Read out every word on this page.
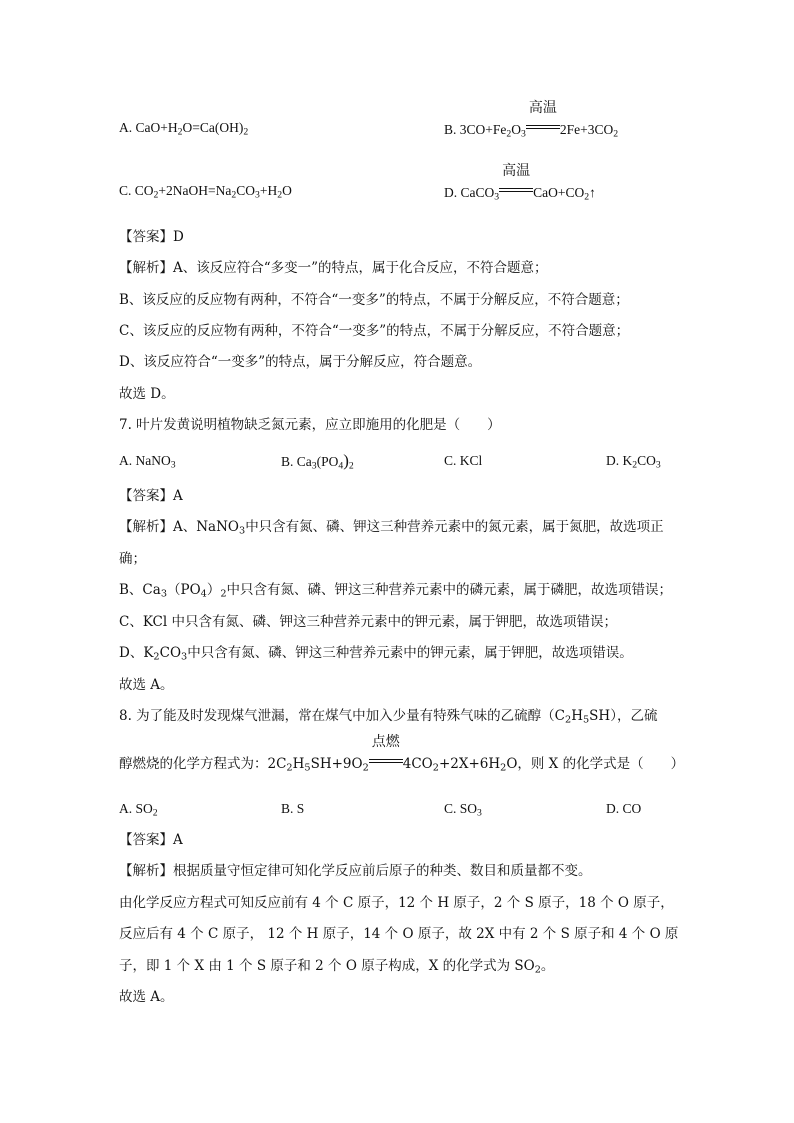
A. $CaO+H_2O=Ca(OH)_2$	B. $3CO+Fe_2O_3$
高温
$2Fe+3CO_2$
C. $CO_2+2NaOH=Na_2CO_3+H_2O$	D. CaCO$_3$
高温
$CaO+CO_2↑$
【答案】D
【解析】A、该反应符合“多变一”的特点，属于化合反应，不符合题意；
B、该反应的反应物有两种，不符合“一变多”的特点，不属于分解反应，不符合题意；
C、该反应的反应物有两种，不符合“一变多”的特点，不属于分解反应，不符合题意；
D、该反应符合“一变多”的特点，属于分解反应，符合题意。
故选 D。
7. 叶片发黄说明植物缺乏氮元素，应立即施用的化肥是（　　）
A. NaNO$_3$	B. $Ca_3(PO_4)_2$	C. KCl	D. $K_2CO_3$
【答案】A
【解析】A、NaNO$_3$中只含有氮、磷、钾这三种营养元素中的氮元素，属于氮肥，故选项正
确；
B、$Ca_3(PO_4)_2$中只含有氮、磷、钾这三种营养元素中的磷元素，属于磷肥，故选项错误；
C、KCl 中只含有氮、磷、钾这三种营养元素中的钾元素，属于钾肥，故选项错误；
D、$K_2CO_3$中只含有氮、磷、钾这三种营养元素中的钾元素，属于钾肥，故选项错误。
故选 A。
8. 为了能及时发现煤气泄漏，常在煤气中加入少量有特殊气味的乙硫醇$(C_2H_5SH)$，乙硫
醇燃烧的化学方程式为：$2C_2H_5SH+9O_2$
点燃
$4CO_2+2X+6H_2O$，则 X 的化学式是（　　）
A. $SO_2$	B. S	C. $SO_3$	D. CO
【答案】A
【解析】根据质量守恒定律可知化学反应前后原子的种类、数目和质量都不变。
由化学反应方程式可知反应前有 4 个 C 原子，12 个 H 原子，2 个 S 原子，18 个 O 原子，
反应后有 4 个 C 原子， 12 个 H 原子，14 个 O 原子，故 2X 中有 2 个 S 原子和 4 个 O 原
子，即 1 个 X 由 1 个 S 原子和 2 个 O 原子构成，X 的化学式为 $SO_2$。
故选 A。
